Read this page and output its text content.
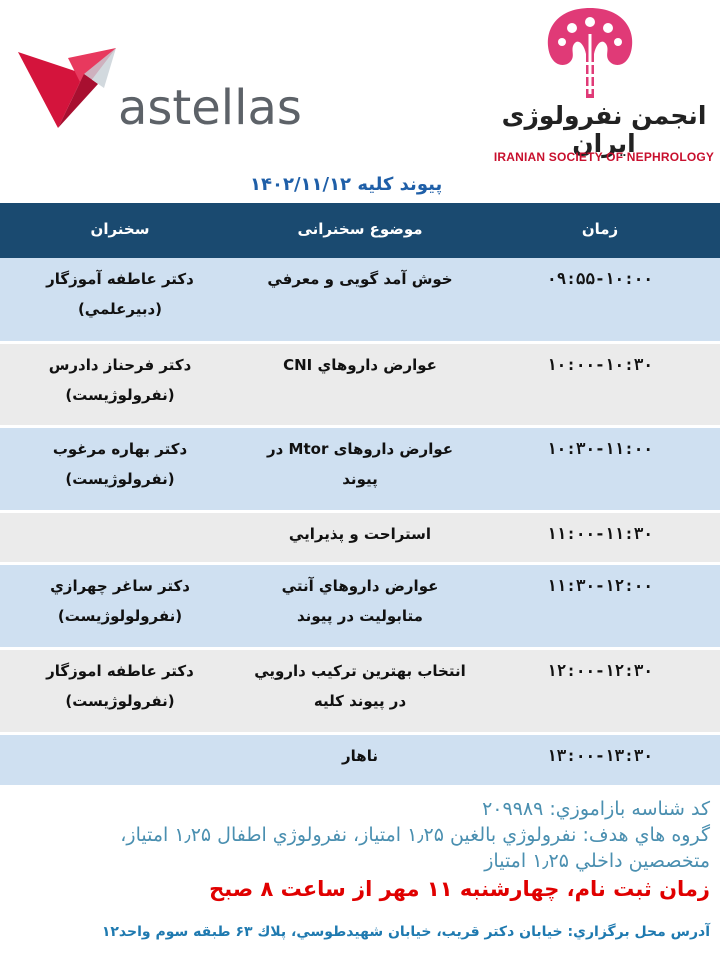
astellas	انجمن نفرولوژی ایران
IRANIAN SOCIETY OF NEPHROLOGY
پیوند کلیه ۱۴۰۲/۱۱/۱۲
زمان
موضوع سخنرانی
سخنران
۰۹:۵۵-۱۰:۰۰
خوش آمد گویی و معرفي
دكتر عاطفه آموزگار
(دبيرعلمي)
۱۰:۰۰-۱۰:۳۰
عوارض داروهاي CNI
دكتر فرحناز دادرس
(نفرولوژيست)
۱۰:۳۰-۱۱:۰۰
عوارض داروهای Mtor در
پیوند
دكتر بهاره مرغوب
(نفرولوژيست)
۱۱:۰۰-۱۱:۳۰
استراحت و پذيرايي
۱۱:۳۰-۱۲:۰۰
عوارض داروهاي آنتي
متابوليت در پيوند
دكتر ساغر چهرازي
(نفرولولوژيست)
۱۲:۰۰-۱۲:۳۰
انتخاب بهترين تركيب دارويي
در پيوند كليه
دكتر عاطفه اموزگار
(نفرولوژيست)
۱۳:۰۰-۱۳:۳۰
ناهار
كد شناسه بازاموزي: ۲۰۹۹۸۹
گروه هاي هدف: نفرولوژي بالغين ۱٫۲۵ امتياز، نفرولوژي اطفال ۱٫۲۵ امتياز،
متخصصين داخلي ۱٫۲۵ امتياز
زمان ثبت نام، چهارشنبه ۱۱ مهر از ساعت ۸ صبح
آدرس محل برگزاري: خيابان دكتر قريب، خيابان شهيدطوسي، پلاك ۶۳ طبقه سوم واحد۱۲
